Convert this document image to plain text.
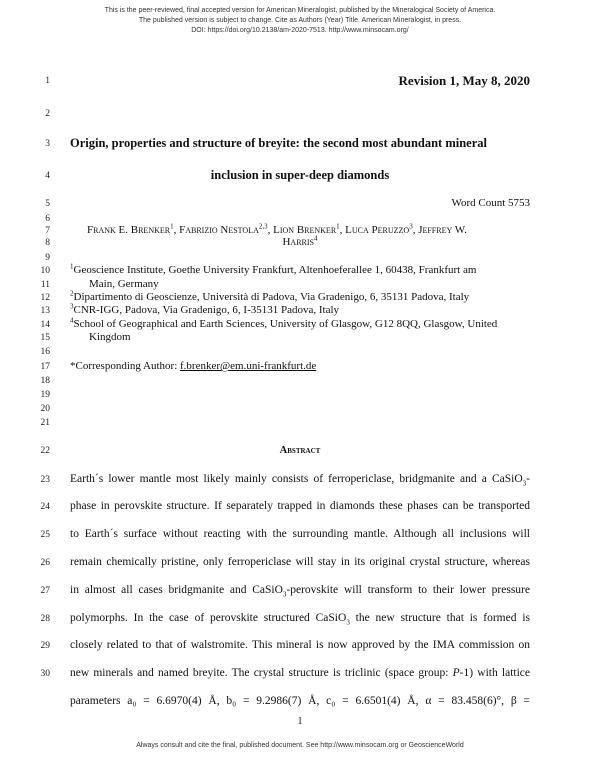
This is the peer-reviewed, final accepted version for American Mineralogist, published by the Mineralogical Society of America.
The published version is subject to change. Cite as Authors (Year) Title. American Mineralogist, in press.
DOI: https://doi.org/10.2138/am-2020-7513. http://www.minsocam.org/
1
2
3
4
5
6
7
8
9
10
11
12
13
14
15
16
17
18
19
20
21
22
23
24
25
26
27
28
29
30
Revision 1, May 8, 2020
Origin, properties and structure of breyite: the second most abundant mineral
inclusion in super-deep diamonds
Word Count 5753
Frank E. Brenker$^1$, Fabrizio Nestola$^{2,3}$, Lion Brenker$^1$, Luca Peruzzo$^3$, Jeffrey W.
Harris$^4$
$^1$Geoscience Institute, Goethe University Frankfurt, Altenhoeferallee 1, 60438, Frankfurt am
Main, Germany
$^2$Dipartimento di Geoscienze, Università di Padova, Via Gradenigo, 6, 35131 Padova, Italy
$^3$CNR-IGG, Padova, Via Gradenigo, 6, I-35131 Padova, Italy
$^4$School of Geographical and Earth Sciences, University of Glasgow, G12 8QQ, Glasgow, United
Kingdom
*Corresponding Author: f.brenker@em.uni-frankfurt.de
Abstract
Earth´s lower mantle most likely mainly consists of ferropericlase, bridgmanite and a CaSiO$_3$-
phase in perovskite structure. If separately trapped in diamonds these phases can be transported
to Earth´s surface without reacting with the surrounding mantle. Although all inclusions will
remain chemically pristine, only ferropericlase will stay in its original crystal structure, whereas
in almost all cases bridgmanite and CaSiO$_3$-perovskite will transform to their lower pressure
polymorphs. In the case of perovskite structured CaSiO$_3$ the new structure that is formed is
closely related to that of walstromite. This mineral is now approved by the IMA commission on
new minerals and named breyite. The crystal structure is triclinic (space group: P-1) with lattice
parameters a₀ = 6.6970(4) Å, b₀ = 9.2986(7) Å, c₀ = 6.6501(4) Å, α = 83.458(6)°, β =
1
Always consult and cite the final, published document. See http://www.minsocam.org or GeoscienceWorld
